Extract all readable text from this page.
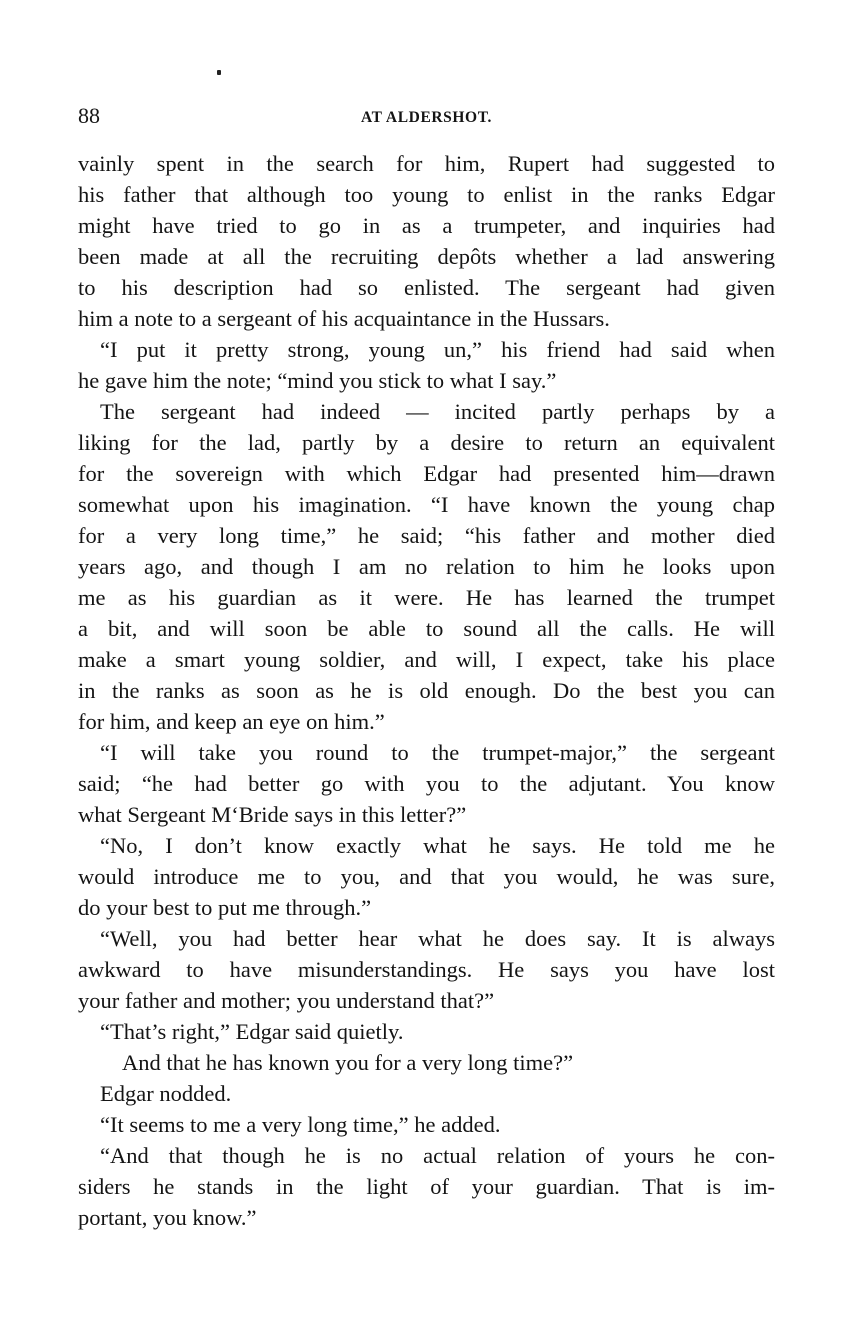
88	AT ALDERSHOT.
vainly spent in the search for him, Rupert had suggested to
his father that although too young to enlist in the ranks Edgar
might have tried to go in as a trumpeter, and inquiries had
been made at all the recruiting depôts whether a lad answering
to his description had so enlisted. The sergeant had given
him a note to a sergeant of his acquaintance in the Hussars.
“I put it pretty strong, young un,” his friend had said when
he gave him the note; “mind you stick to what I say.”
The sergeant had indeed — incited partly perhaps by a
liking for the lad, partly by a desire to return an equivalent
for the sovereign with which Edgar had presented him—drawn
somewhat upon his imagination. “I have known the young chap
for a very long time,” he said; “his father and mother died
years ago, and though I am no relation to him he looks upon
me as his guardian as it were. He has learned the trumpet
a bit, and will soon be able to sound all the calls. He will
make a smart young soldier, and will, I expect, take his place
in the ranks as soon as he is old enough. Do the best you can
for him, and keep an eye on him.”
“I will take you round to the trumpet-major,” the sergeant
said; “he had better go with you to the adjutant. You know
what Sergeant M‘Bride says in this letter?”
“No, I don’t know exactly what he says. He told me he
would introduce me to you, and that you would, he was sure,
do your best to put me through.”
“Well, you had better hear what he does say. It is always
awkward to have misunderstandings. He says you have lost
your father and mother; you understand that?”
“That’s right,” Edgar said quietly.
And that he has known you for a very long time?”
Edgar nodded.
“It seems to me a very long time,” he added.
“And that though he is no actual relation of yours he con-
siders he stands in the light of your guardian. That is im-
portant, you know.”
